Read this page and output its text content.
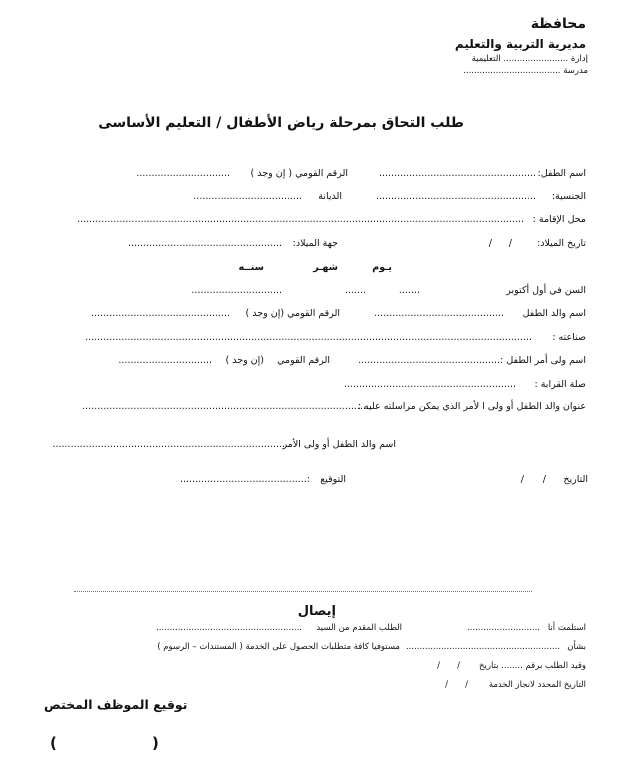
محافظة
مديرية التربية والتعليم
إدارة ........................ التعليمية
مدرسة ....................................
طلب التحاق بمرحلة رياض الأطفال / التعليم الأساسى
اسم الطفل:
....................................................
الرقم القومي ( إن وجد )
...............................
الجنسية:
.....................................................
الديانة
....................................
محل الإقامة :
....................................................................................................................................................
تاريخ الميلاد:
/
/
جهة الميلاد:
...................................................
يـوم
شهـر
سنــه
السن في أول أكتوبر
.......
.......
..............................
اسم والد الطفل
...........................................
الرقم القومي (إن وجد )
..............................................
صناعته :
....................................................................................................................................................
اسم ولى أمر الطفل :
...............................................
الرقم القومي
(إن وجد )
...............................
صلة القرابة :
.........................................................
عنوان والد الطفل أو ولى ا لأمر الذي يمكن مراسلته عليه :
................................................................................................
اسم والد الطفل أو ولى الأمر
..............................................................................
التاريخ
/
/
التوقيع
:..........................................
إيصال
استلمت أنا
...........................
الطلب المقدم من السيد
......................................................
بشأن
.........................................................
مستوفيا كافة متطلبات الحصول على الخدمة ( المستندات – الرسوم )
وقيد الطلب برقم ........ بتاريخ
/
/
التاريخ المحدد لانجاز الخدمة
/
/
توقيع الموظف المختص
(	)
